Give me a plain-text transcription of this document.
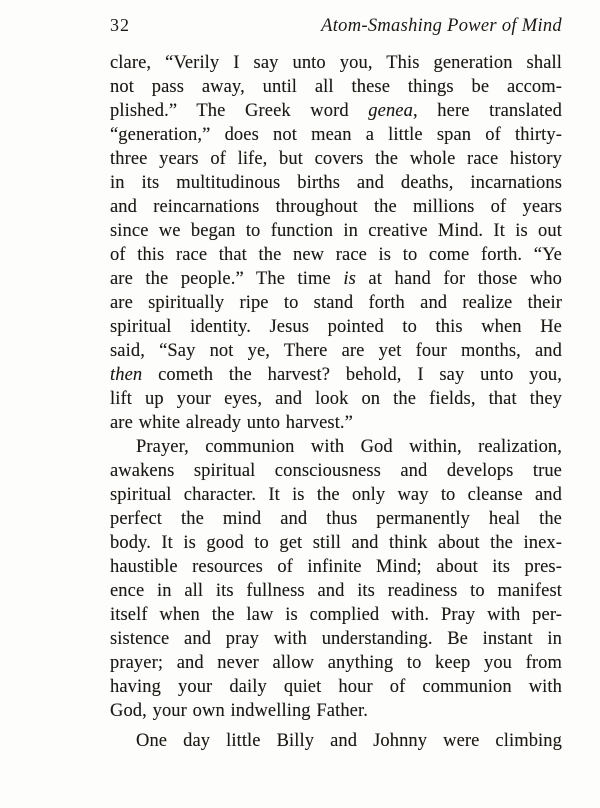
32	Atom-Smashing Power of Mind
clare, “Verily I say unto you, This generation shall
not pass away, until all these things be accom-
plished.” The Greek word genea, here translated
“generation,” does not mean a little span of thirty-
three years of life, but covers the whole race history
in its multitudinous births and deaths, incarnations
and reincarnations throughout the millions of years
since we began to function in creative Mind. It is out
of this race that the new race is to come forth. “Ye
are the people.” The time is at hand for those who
are spiritually ripe to stand forth and realize their
spiritual identity. Jesus pointed to this when He
said, “Say not ye, There are yet four months, and
then cometh the harvest? behold, I say unto you,
lift up your eyes, and look on the fields, that they
are white already unto harvest.”
Prayer, communion with God within, realization,
awakens spiritual consciousness and develops true
spiritual character. It is the only way to cleanse and
perfect the mind and thus permanently heal the
body. It is good to get still and think about the inex-
haustible resources of infinite Mind; about its pres-
ence in all its fullness and its readiness to manifest
itself when the law is complied with. Pray with per-
sistence and pray with understanding. Be instant in
prayer; and never allow anything to keep you from
having your daily quiet hour of communion with
God, your own indwelling Father.
One day little Billy and Johnny were climbing
